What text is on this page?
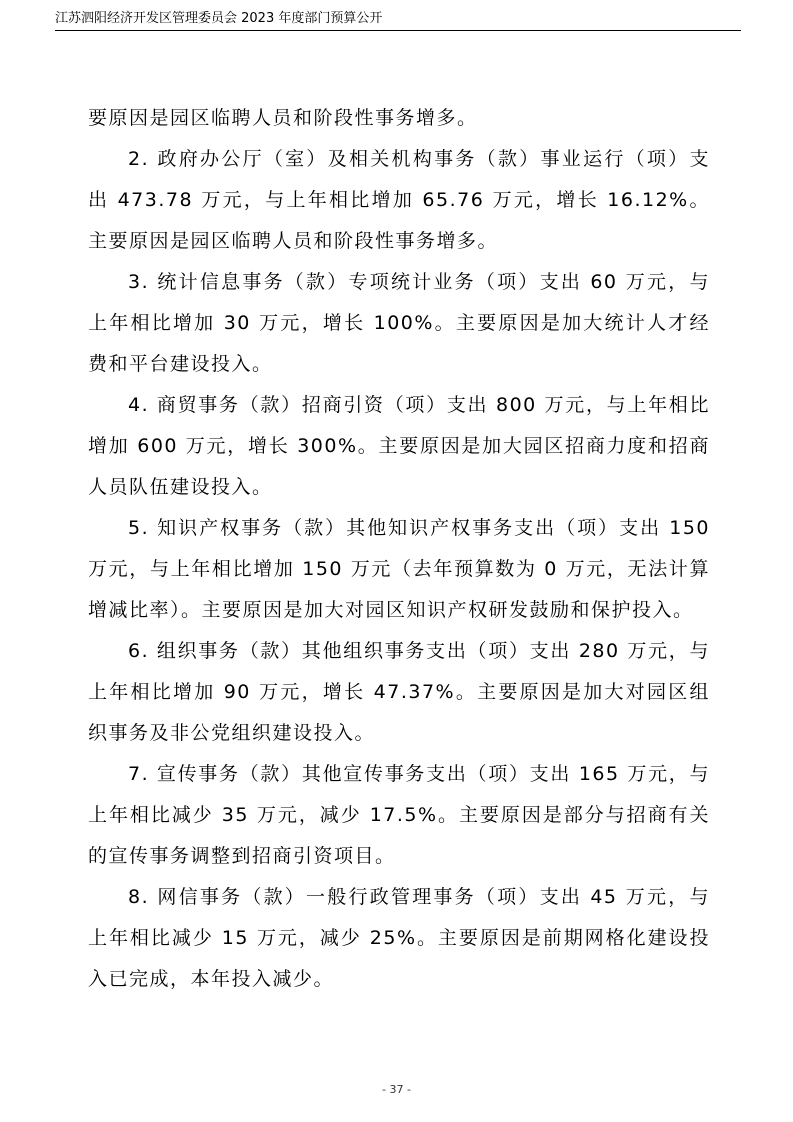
江苏泗阳经济开发区管理委员会 2023 年度部门预算公开

要原因是园区临聘人员和阶段性事务增多。

2. 政府办公厅（室）及相关机构事务（款）事业运行（项）支出 473.78 万元，与上年相比增加 65.76 万元，增长 16.12%。主要原因是园区临聘人员和阶段性事务增多。

3. 统计信息事务（款）专项统计业务（项）支出 60 万元，与上年相比增加 30 万元，增长 100%。主要原因是加大统计人才经费和平台建设投入。

4. 商贸事务（款）招商引资（项）支出 800 万元，与上年相比增加 600 万元，增长 300%。主要原因是加大园区招商力度和招商人员队伍建设投入。

5. 知识产权事务（款）其他知识产权事务支出（项）支出 150 万元，与上年相比增加 150 万元（去年预算数为 0 万元，无法计算增减比率）。主要原因是加大对园区知识产权研发鼓励和保护投入。

6. 组织事务（款）其他组织事务支出（项）支出 280 万元，与上年相比增加 90 万元，增长 47.37%。主要原因是加大对园区组织事务及非公党组织建设投入。

7. 宣传事务（款）其他宣传事务支出（项）支出 165 万元，与上年相比减少 35 万元，减少 17.5%。主要原因是部分与招商有关的宣传事务调整到招商引资项目。

8. 网信事务（款）一般行政管理事务（项）支出 45 万元，与上年相比减少 15 万元，减少 25%。主要原因是前期网格化建设投入已完成，本年投入减少。

- 37 -
